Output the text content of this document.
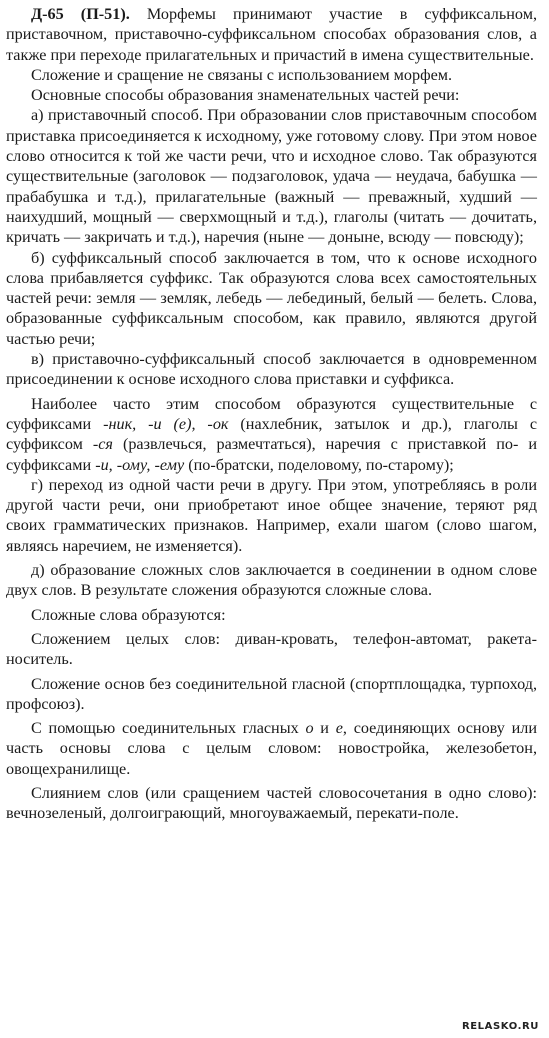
Д-65 (П-51). Морфемы принимают участие в суффиксальном, приставочном, приставочно-суффиксальном способах образования слов, а также при переходе прилагательных и причастий в имена существительные.

Сложение и сращение не связаны с использованием морфем.

Основные способы образования знаменательных частей речи:

а) приставочный способ. При образовании слов приставочным способом приставка присоединяется к исходному, уже готовому слову. При этом новое слово относится к той же части речи, что и исходное слово. Так образуются существительные (заголовок — подзаголовок, удача — неудача, бабушка — прабабушка и т.д.), прилагательные (важный — преважный, худший — наихудший, мощный — сверхмощный и т.д.), глаголы (читать — дочитать, кричать — закричать и т.д.), наречия (ныне — доныне, всюду — повсюду);

б) суффиксальный способ заключается в том, что к основе исходного слова прибавляется суффикс. Так образуются слова всех самостоятельных частей речи: земля — земляк, лебедь — лебединый, белый — белеть. Слова, образованные суффиксальным способом, как правило, являются другой частью речи;

в) приставочно-суффиксальный способ заключается в одновременном присоединении к основе исходного слова приставки и суффикса.

Наиболее часто этим способом образуются существительные с суффиксами -ник, -и (е), -ок (нахлебник, затылок и др.), глаголы с суффиксом -ся (развлечься, размечтаться), наречия с приставкой по- и суффиксами -и, -ому, -ему (по-братски, поделовому, по-старому);

г) переход из одной части речи в другу. При этом, употребляясь в роли другой части речи, они приобретают иное общее значение, теряют ряд своих грамматических признаков. Например, ехали шагом (слово шагом, являясь наречием, не изменяется).

д) образование сложных слов заключается в соединении в одном слове двух слов. В результате сложения образуются сложные слова.

Сложные слова образуются:

Сложением целых слов: диван-кровать, телефон-автомат, ракета-носитель.

Сложение основ без соединительной гласной (спортплощадка, турпоход, профсоюз).

С помощью соединительных гласных о и е, соединяющих основу или часть основы слова с целым словом: новостройка, железобетон, овощехранилище.

Слиянием слов (или сращением частей словосочетания в одно слово): вечнозеленый, долгоиграющий, многоуважаемый, перекати-поле.

RELASKO.RU
